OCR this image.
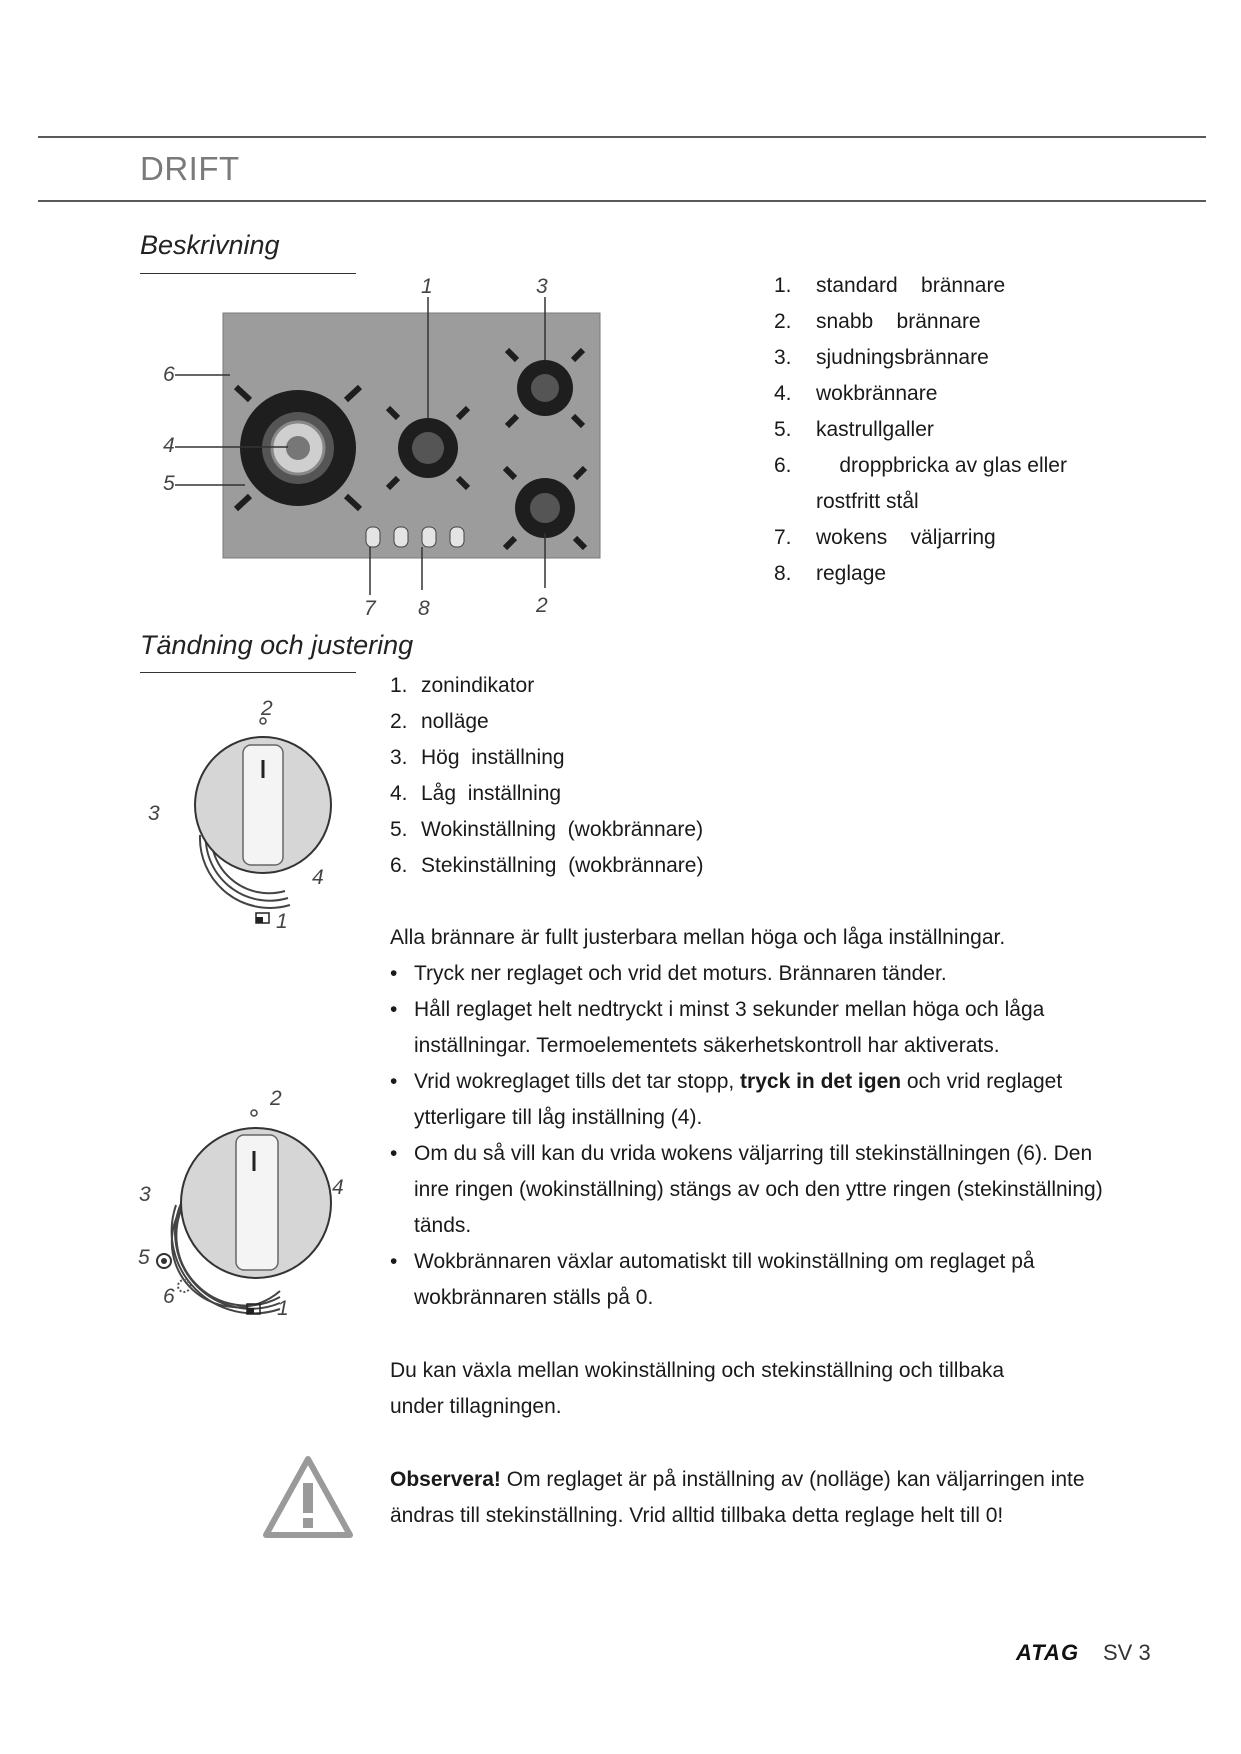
DRIFT
Beskrivning
1	3
6
4
5
7 8	2
1.	standard    brännare
2.	snabb    brännare
3.	sjudningsbrännare
4.	wokbrännare
5.	kastrullgaller
6.	droppbricka av glas eller rostfritt stål
7.	wokens    väljarring
8.	reglage
Tändning och justering
2
3
4
1
2
3	4
5
6
1
1. zonindikator
2. nolläge
3. Hög  inställning
4. Låg  inställning
5. Wokinställning  (wokbrännare)
6. Stekinställning  (wokbrännare)
Alla brännare är fullt justerbara mellan höga och låga inställningar.
• Tryck ner reglaget och vrid det moturs. Brännaren tänder.
• Håll reglaget helt nedtryckt i minst 3 sekunder mellan höga och låga inställningar. Termoelementets säkerhetskontroll har aktiverats.
• Vrid wokreglaget tills det tar stopp, tryck in det igen och vrid reglaget ytterligare till låg inställning (4).
• Om du så vill kan du vrida wokens väljarring till stekinställningen (6). Den inre ringen (wokinställning) stängs av och den yttre ringen (stekinställning) tänds.
• Wokbrännaren växlar automatiskt till wokinställning om reglaget på wokbrännaren ställs på 0.
Du kan växla mellan wokinställning och stekinställning och tillbaka under tillagningen.
Observera! Om reglaget är på inställning av (nolläge) kan väljarringen inte ändras till stekinställning. Vrid alltid tillbaka detta reglage helt till 0!
ATAG SV 3
